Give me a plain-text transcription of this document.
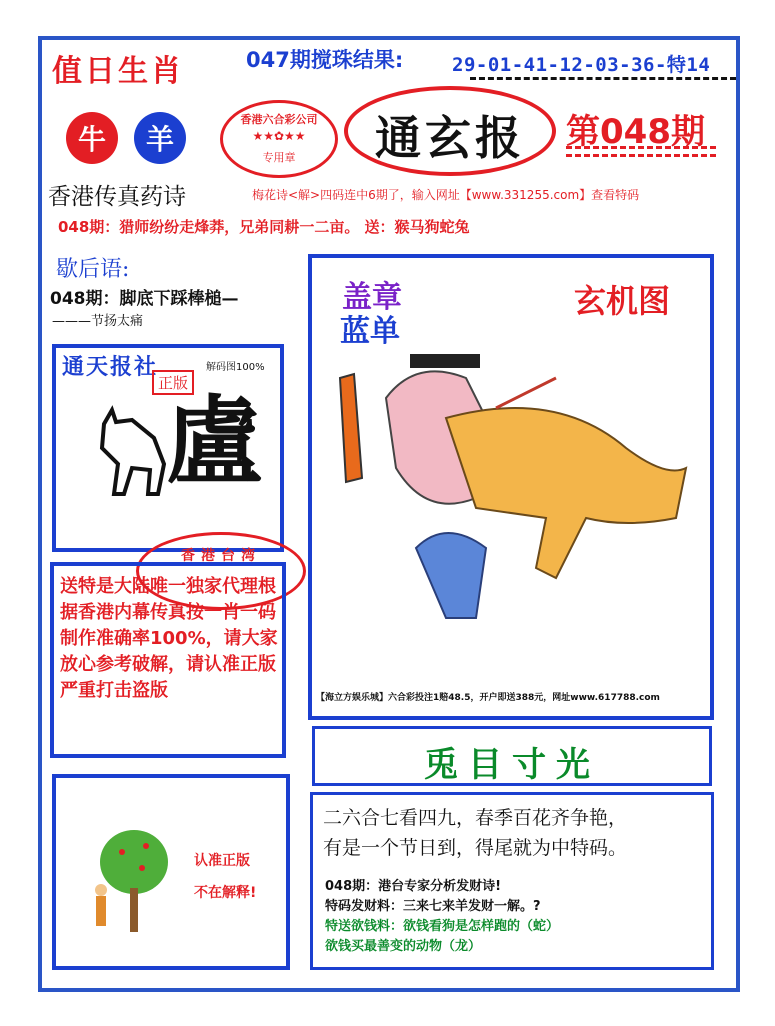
值日生肖	047期搅珠结果:	29-01-41-12-03-36-特14
牛	羊
香港六合彩公司
★★✿★★
专用章	通玄报	第048期
香港传真药诗	梅花诗<解>四码连中6期了，输入网址【www.331255.com】查看特码
048期：猎师纷纷走烽莽，兄弟同耕一二亩。 送：猴马狗蛇兔
歇后语:
048期：脚底下踩棒槌—
———节扬太痛
通天报社	解码图100%
正版
盧
香港台湾
送特是大陆唯一独家代理根据香港内幕传真按一肖一码制作准确率100%，请大家放心参考破解，请认准正版严重打击盗版
认准正版
不在解释!
盖章
蓝单
玄机图
【海立方娱乐城】六合彩投注1赔48.5，开户即送388元，网址www.617788.com
兎目寸光
二六合七看四九，春季百花齐争艳，
有是一个节日到，得尾就为中特码。
048期：港台专家分析发财诗!
特码发财料：三来七来羊发财一解。?
特送欲钱料：欲钱看狗是怎样跑的（蛇）
欲钱买最善变的动物（龙）
